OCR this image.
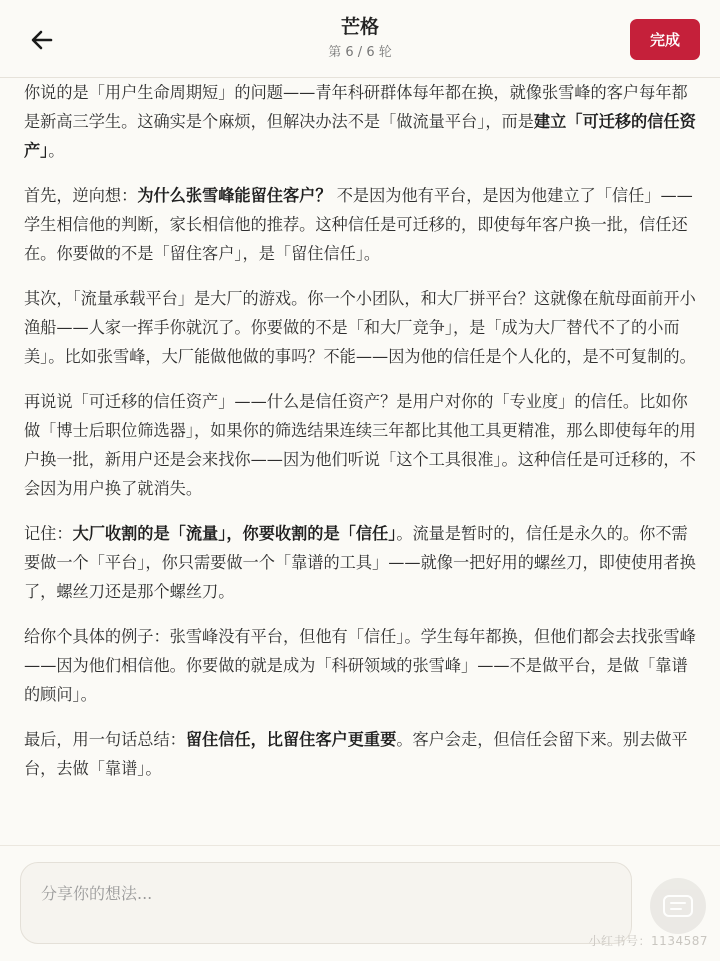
芒格
第 6 / 6 轮
完成

你说的是「用户生命周期短」的问题——青年科研群体每年都在换，就像张雪峰的客户每年都是新高三学生。这确实是个麻烦，但解决办法不是「做流量平台」，而是建立「可迁移的信任资产」。

首先，逆向想：为什么张雪峰能留住客户？ 不是因为他有平台，是因为他建立了「信任」——学生相信他的判断，家长相信他的推荐。这种信任是可迁移的，即使每年客户换一批，信任还在。你要做的不是「留住客户」，是「留住信任」。

其次，「流量承载平台」是大厂的游戏。你一个小团队，和大厂拼平台？这就像在航母面前开小渔船——人家一挥手你就沉了。你要做的不是「和大厂竞争」，是「成为大厂替代不了的小而美」。比如张雪峰，大厂能做他做的事吗？不能——因为他的信任是个人化的，是不可复制的。

再说说「可迁移的信任资产」——什么是信任资产？是用户对你的「专业度」的信任。比如你做「博士后职位筛选器」，如果你的筛选结果连续三年都比其他工具更精准，那么即使每年的用户换一批，新用户还是会来找你——因为他们听说「这个工具很准」。这种信任是可迁移的，不会因为用户换了就消失。

记住：大厂收割的是「流量」，你要收割的是「信任」。流量是暂时的，信任是永久的。你不需要做一个「平台」，你只需要做一个「靠谱的工具」——就像一把好用的螺丝刀，即使使用者换了，螺丝刀还是那个螺丝刀。

给你个具体的例子：张雪峰没有平台，但他有「信任」。学生每年都换，但他们都会去找张雪峰——因为他们相信他。你要做的就是成为「科研领域的张雪峰」——不是做平台，是做「靠谱的顾问」。

最后，用一句话总结：留住信任，比留住客户更重要。客户会走，但信任会留下来。别去做平台，去做「靠谱」。

分享你的想法...
小红书号：1134587
